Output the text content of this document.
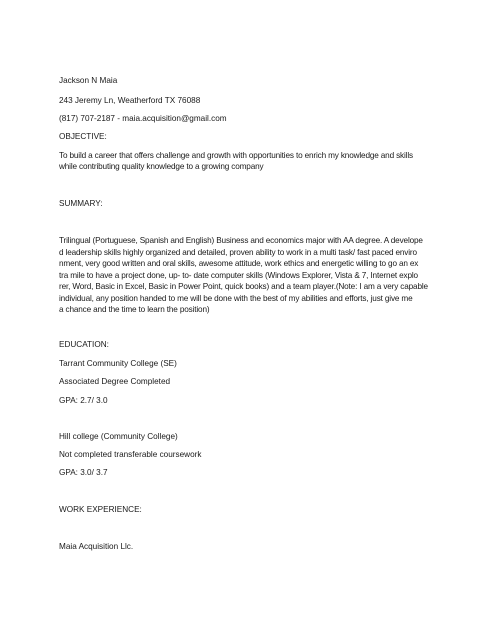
Jackson N Maia
243 Jeremy Ln, Weatherford TX 76088
(817) 707-2187 - maia.acquisition@gmail.com
OBJECTIVE:
To build a career that offers challenge and growth with opportunities to enrich my knowledge and skills
while contributing quality knowledge to a growing company
SUMMARY:
Trilingual (Portuguese, Spanish and English) Business and economics major with AA degree. A develope
d leadership skills highly organized and detailed, proven ability to work in a multi task/ fast paced enviro
nment, very good written and oral skills, awesome attitude, work ethics and energetic willing to go an ex
tra mile to have a project done, up- to- date computer skills (Windows Explorer, Vista & 7, Internet explo
rer, Word, Basic in Excel, Basic in Power Point, quick books) and a team player.(Note: I am a very capable
individual, any position handed to me will be done with the best of my abilities and efforts, just give me
a chance and the time to learn the position)
EDUCATION:
Tarrant Community College (SE)
Associated Degree Completed
GPA: 2.7/ 3.0
Hill college (Community College)
Not completed transferable coursework
GPA: 3.0/ 3.7
WORK EXPERIENCE:
Maia Acquisition Llc.
